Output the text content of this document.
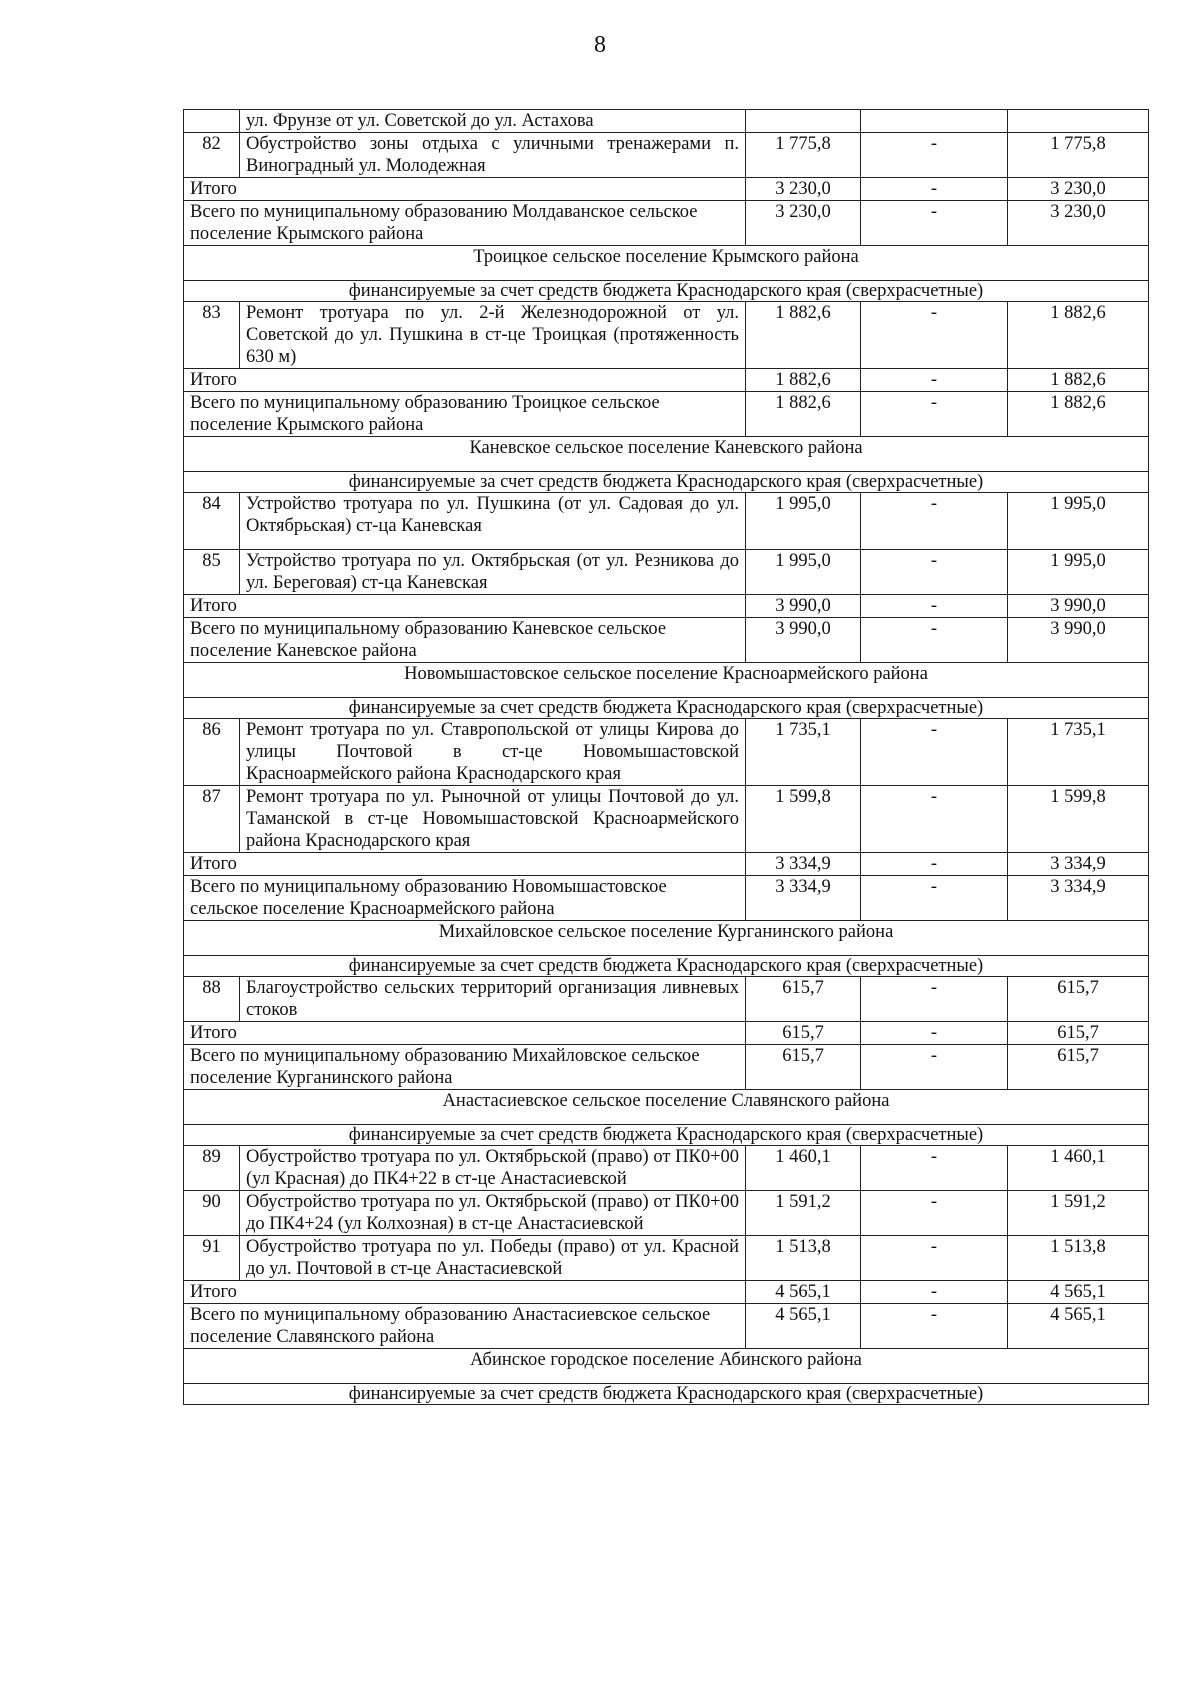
8
	ул. Фрунзе от ул. Советской до ул. Астахова			
82	Обустройство зоны отдыха с уличными тренажерами п. Виноградный ул. Молодежная	1 775,8	-	1 775,8
Итого		3 230,0	-	3 230,0
Всего по муниципальному образованию Молдаванское сельское поселение Крымского района		3 230,0	-	3 230,0
Троицкое сельское поселение Крымского района				
финансируемые за счет средств бюджета Краснодарского края (сверхрасчетные)				
83	Ремонт тротуара по ул. 2-й Железнодорожной от ул. Советской до ул. Пушкина в ст-це Троицкая (протяженность 630 м)	1 882,6	-	1 882,6
Итого		1 882,6	-	1 882,6
Всего по муниципальному образованию Троицкое сельское поселение Крымского района		1 882,6	-	1 882,6
Каневское сельское поселение Каневского района				
финансируемые за счет средств бюджета Краснодарского края (сверхрасчетные)				
84	Устройство тротуара по ул. Пушкина (от ул. Садовая до ул. Октябрьская) ст-ца Каневская	1 995,0	-	1 995,0
85	Устройство тротуара по ул. Октябрьская (от ул. Резникова до ул. Береговая) ст-ца Каневская	1 995,0	-	1 995,0
Итого		3 990,0	-	3 990,0
Всего по муниципальному образованию Каневское сельское поселение Каневское района		3 990,0	-	3 990,0
Новомышастовское сельское поселение Красноармейского района				
финансируемые за счет средств бюджета Краснодарского края (сверхрасчетные)				
86	Ремонт тротуара по ул. Ставропольской от улицы Кирова до улицы Почтовой в ст-це Новомышастовской Красноармейского района Краснодарского края	1 735,1	-	1 735,1
87	Ремонт тротуара по ул. Рыночной от улицы Почтовой до ул. Таманской в ст-це Новомышастовской Красноармейского района Краснодарского края	1 599,8	-	1 599,8
Итого		3 334,9	-	3 334,9
Всего по муниципальному образованию Новомышастовское сельское поселение Красноармейского района		3 334,9	-	3 334,9
Михайловское сельское поселение Курганинского района				
финансируемые за счет средств бюджета Краснодарского края (сверхрасчетные)				
88	Благоустройство сельских территорий организация ливневых стоков	615,7	-	615,7
Итого		615,7	-	615,7
Всего по муниципальному образованию Михайловское сельское поселение Курганинского района		615,7	-	615,7
Анастасиевское сельское поселение Славянского района				
финансируемые за счет средств бюджета Краснодарского края (сверхрасчетные)				
89	Обустройство тротуара по ул. Октябрьской (право) от ПК0+00 (ул Красная) до ПК4+22 в ст-це Анастасиевской	1 460,1	-	1 460,1
90	Обустройство тротуара по ул. Октябрьской (право) от ПК0+00 до ПК4+24 (ул Колхозная) в ст-це Анастасиевской	1 591,2	-	1 591,2
91	Обустройство тротуара по ул. Победы (право) от ул. Красной до ул. Почтовой в ст-це Анастасиевской	1 513,8	-	1 513,8
Итого		4 565,1	-	4 565,1
Всего по муниципальному образованию Анастасиевское сельское поселение Славянского района		4 565,1	-	4 565,1
Абинское городское поселение Абинского района				
финансируемые за счет средств бюджета Краснодарского края (сверхрасчетные)				
